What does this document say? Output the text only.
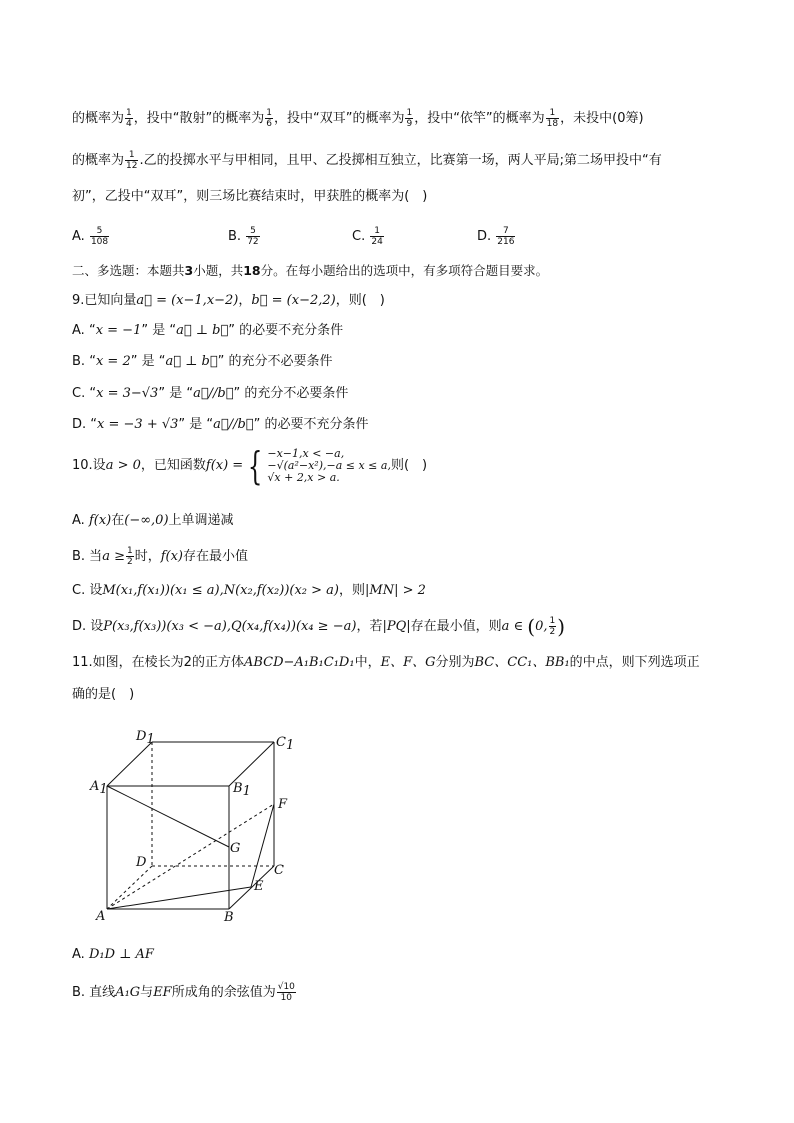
的概率为 $\frac{1}{4}$ ，投中“散射”的概率为 $\frac{1}{6}$ ，投中“双耳”的概率为 $\frac{1}{9}$ ，投中“依竿”的概率为 $\frac{1}{18}$ ，未投中(0筹)
的概率为 $\frac{1}{12}$ .乙的投掷水平与甲相同，且甲、乙投掷相互独立，比赛第一场，两人平局;第二场甲投中“有
初”，乙投中“双耳”，则三场比赛结束时，甲获胜的概率为(　)
A. $\frac{5}{108}$	B. $\frac{5}{72}$	C. $\frac{1}{24}$	D. $\frac{7}{216}$
二、多选题：本题共3小题，共18分。在每小题给出的选项中，有多项符合题目要求。
9.已知向量a⃗ = (x−1,x−2)，b⃗ = (x−2,2)，则(　)
A. “x = −1” 是 “a⃗ ⊥ b⃗” 的必要不充分条件
B. “x = 2” 是 “a⃗ ⊥ b⃗” 的充分不必要条件
C. “x = 3−√3” 是 “a⃗//b⃗” 的充分不必要条件
D. “x = −3 + √3” 是 “a⃗//b⃗” 的必要不充分条件
10.设a > 0，已知函数f(x) = { −x−1,x < −a,
−√(a²−x²),−a ≤ x ≤ a,
√x + 2,x > a.
则(　)
A. f(x)在(−∞,0)上单调递减
B. 当$a \ge \frac{1}{2}$ 时，f(x)存在最小值
C. 设M(x₁,f(x₁))(x₁ ≤ a),N(x₂,f(x₂))(x₂ > a)，则|MN| > 2
D. 设P(x₃,f(x₃))(x₃ < −a),Q(x₄,f(x₄))(x₄ ≥ −a)，若|PQ|存在最小值，则a ∈ (0, $\frac{1}{2}$ )
11.如图，在棱长为2的正方体ABCD−A₁B₁C₁D₁中，E、F、G分别为BC、CC₁、BB₁的中点，则下列选项正
确的是(　)
D1	C1
A1	B1
F
G
D
C
E
A	B
A. D₁D ⊥ AF
B. 直线A₁G与EF所成角的余弦值为 $\frac{√10}{10}$
